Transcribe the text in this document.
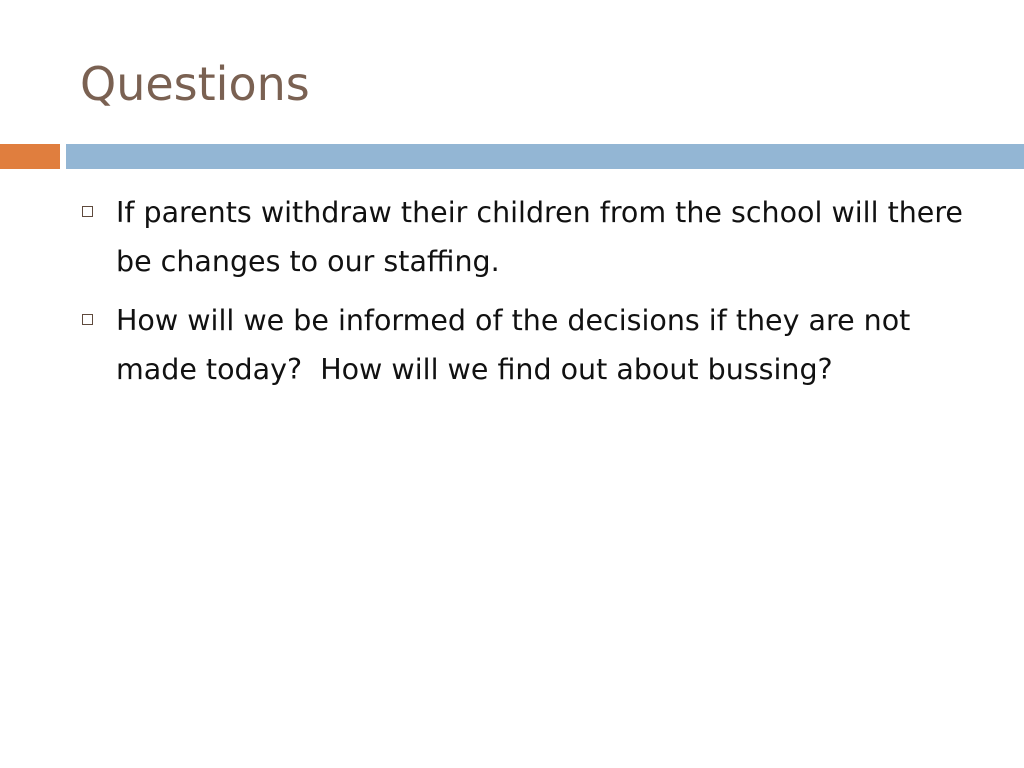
Questions
If parents withdraw their children from the school will there be changes to our staffing.
How will we be informed of the decisions if they are not made today?  How will we find out about bussing?
